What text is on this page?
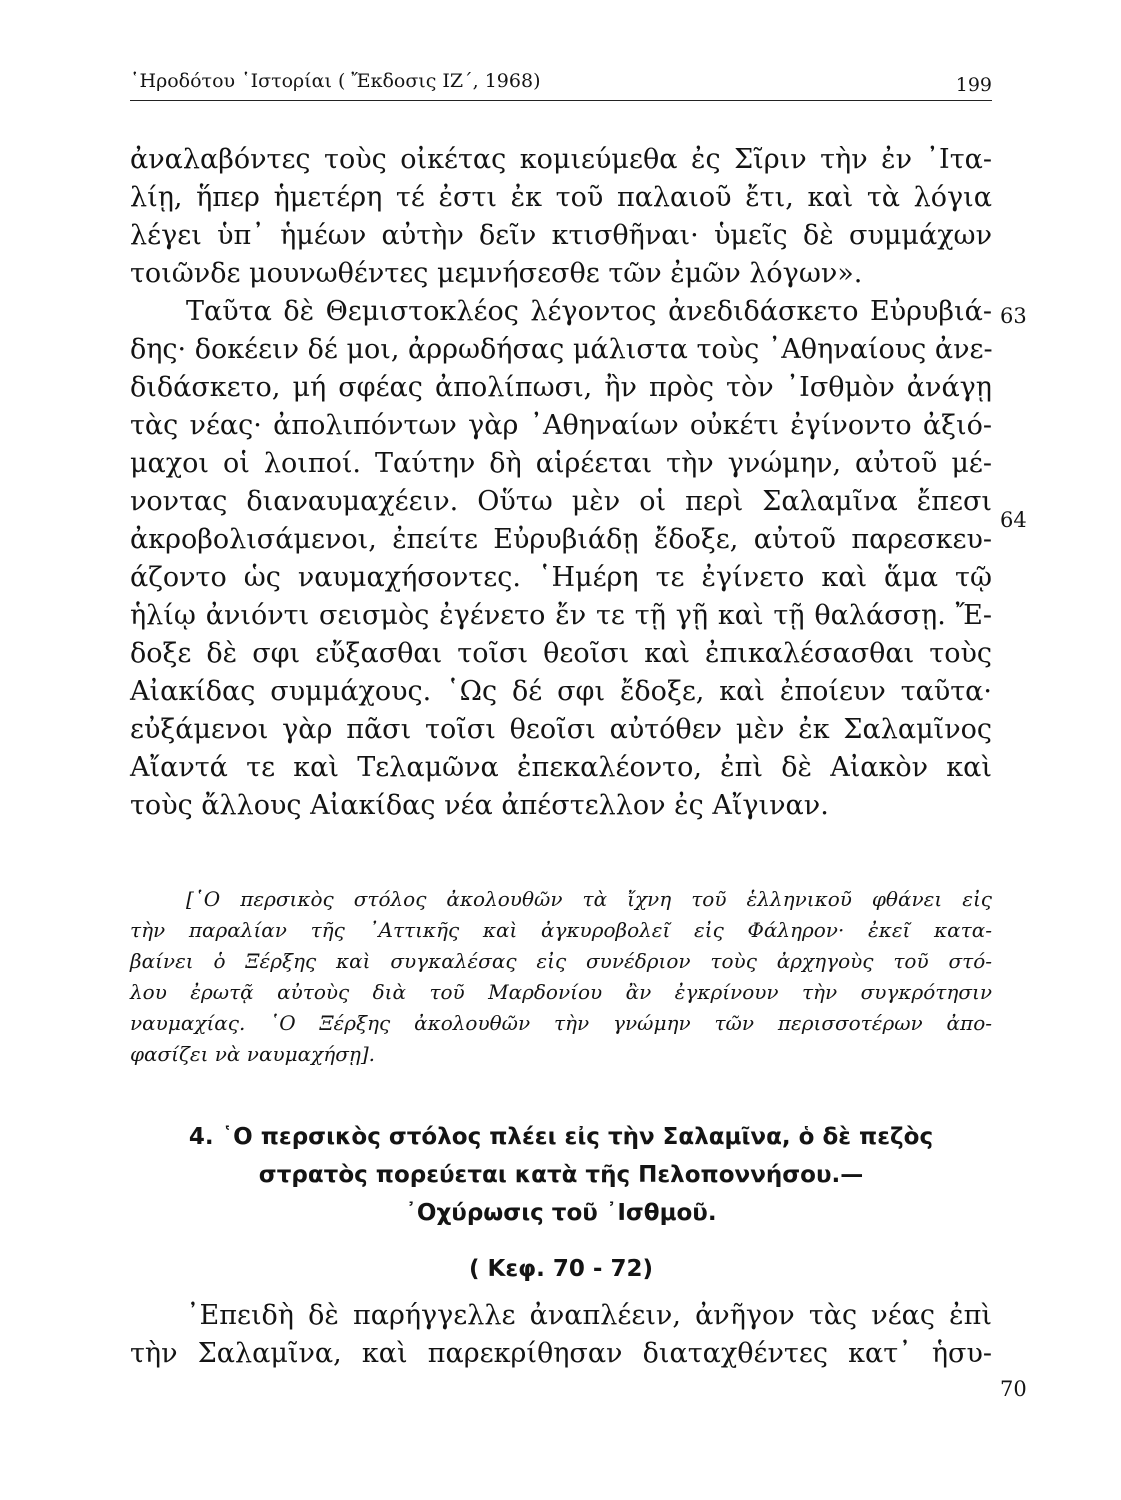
῾Ηροδότου ῾Ιστορίαι ( Ἔκδοσις ΙΖ΄, 1968)	199
ἀναλαβόντες τοὺς οἰκέτας κομιεύμεθα ἐς Σῖριν τὴν ἐν ᾽Ιτα-
λίῃ, ἥπερ ἡμετέρη τέ ἐστι ἐκ τοῦ παλαιοῦ ἔτι, καὶ τὰ λόγια
λέγει ὑπ᾽ ἡμέων αὐτὴν δεῖν κτισθῆναι· ὑμεῖς δὲ συμμάχων
τοιῶνδε μουνωθέντες μεμνήσεσθε τῶν ἐμῶν λόγων».
Ταῦτα δὲ Θεμιστοκλέος λέγοντος ἀνεδιδάσκετο Εὐρυβιά-
δης· δοκέειν δέ μοι, ἀρρωδήσας μάλιστα τοὺς ᾽Αθηναίους ἀνε-
διδάσκετο, μή σφέας ἀπολίπωσι, ἢν πρὸς τὸν ᾽Ισθμὸν ἀνάγῃ
τὰς νέας· ἀπολιπόντων γὰρ ᾽Αθηναίων οὐκέτι ἐγίνοντο ἀξιό-
μαχοι οἱ λοιποί. Ταύτην δὴ αἱρέεται τὴν γνώμην, αὐτοῦ μέ-
νοντας διαναυμαχέειν. Οὕτω μὲν οἱ περὶ Σαλαμῖνα ἔπεσι
ἀκροβολισάμενοι, ἐπείτε Εὐρυβιάδῃ ἔδοξε, αὐτοῦ παρεσκευ-
άζοντο ὡς ναυμαχήσοντες. ῾Ημέρη τε ἐγίνετο καὶ ἅμα τῷ
ἡλίῳ ἀνιόντι σεισμὸς ἐγένετο ἔν τε τῇ γῇ καὶ τῇ θαλάσσῃ. Ἔ-
δοξε δὲ σφι εὔξασθαι τοῖσι θεοῖσι καὶ ἐπικαλέσασθαι τοὺς
Αἰακίδας συμμάχους. ῾Ως δέ σφι ἔδοξε, καὶ ἐποίευν ταῦτα·
εὐξάμενοι γὰρ πᾶσι τοῖσι θεοῖσι αὐτόθεν μὲν ἐκ Σαλαμῖνος
Αἴαντά τε καὶ Τελαμῶνα ἐπεκαλέοντο, ἐπὶ δὲ Αἰακὸν καὶ
τοὺς ἄλλους Αἰακίδας νέα ἀπέστελλον ἐς Αἴγιναν.
63
64
70
[῾Ο περσικὸς στόλος ἀκολουθῶν τὰ ἴχνη τοῦ ἑλληνικοῦ φθάνει εἰς
τὴν παραλίαν τῆς ᾽Αττικῆς καὶ ἀγκυροβολεῖ εἰς Φάληρον· ἐκεῖ κατα-
βαίνει ὁ Ξέρξης καὶ συγκαλέσας εἰς συνέδριον τοὺς ἀρχηγοὺς τοῦ στό-
λου ἐρωτᾷ αὐτοὺς διὰ τοῦ Μαρδονίου ἂν ἐγκρίνουν τὴν συγκρότησιν
ναυμαχίας. ῾Ο Ξέρξης ἀκολουθῶν τὴν γνώμην τῶν περισσοτέρων ἀπο-
φασίζει νὰ ναυμαχήσῃ].
4. ῾Ο περσικὸς στόλος πλέει εἰς τὴν Σαλαμῖνα, ὁ δὲ πεζὸς
στρατὸς πορεύεται κατὰ τῆς Πελοποννήσου.—
᾽Οχύρωσις τοῦ ᾽Ισθμοῦ.
( Κεφ. 70 - 72)
᾽Επειδὴ δὲ παρήγγελλε ἀναπλέειν, ἀνῆγον τὰς νέας ἐπὶ
τὴν Σαλαμῖνα, καὶ παρεκρίθησαν διαταχθέντες κατ᾽ ἡσυ-
